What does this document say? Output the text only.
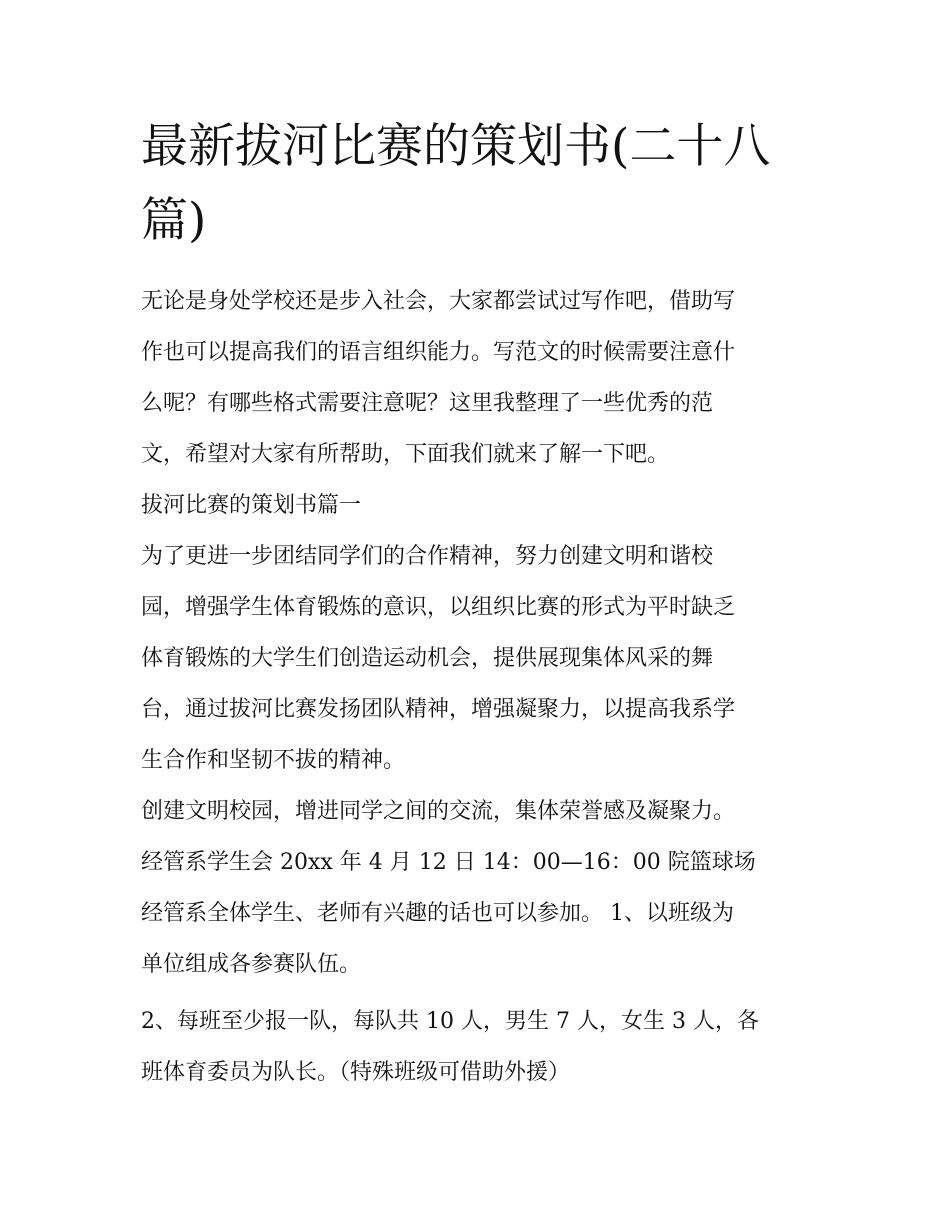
最新拔河比赛的策划书(二十八
篇)
无论是身处学校还是步入社会，大家都尝试过写作吧，借助写
作也可以提高我们的语言组织能力。写范文的时候需要注意什
么呢？有哪些格式需要注意呢？这里我整理了一些优秀的范
文，希望对大家有所帮助，下面我们就来了解一下吧。
拔河比赛的策划书篇一
为了更进一步团结同学们的合作精神，努力创建文明和谐校
园，增强学生体育锻炼的意识，以组织比赛的形式为平时缺乏
体育锻炼的大学生们创造运动机会，提供展现集体风采的舞
台，通过拔河比赛发扬团队精神，增强凝聚力，以提高我系学
生合作和坚韧不拔的精神。
创建文明校园，增进同学之间的交流，集体荣誉感及凝聚力。
经管系学生会 20xx 年 4 月 12 日 14：00—16：00 院篮球场
经管系全体学生、老师有兴趣的话也可以参加。 1、以班级为
单位组成各参赛队伍。
2、每班至少报一队，每队共 10 人，男生 7 人，女生 3 人，各
班体育委员为队长。（特殊班级可借助外援）
